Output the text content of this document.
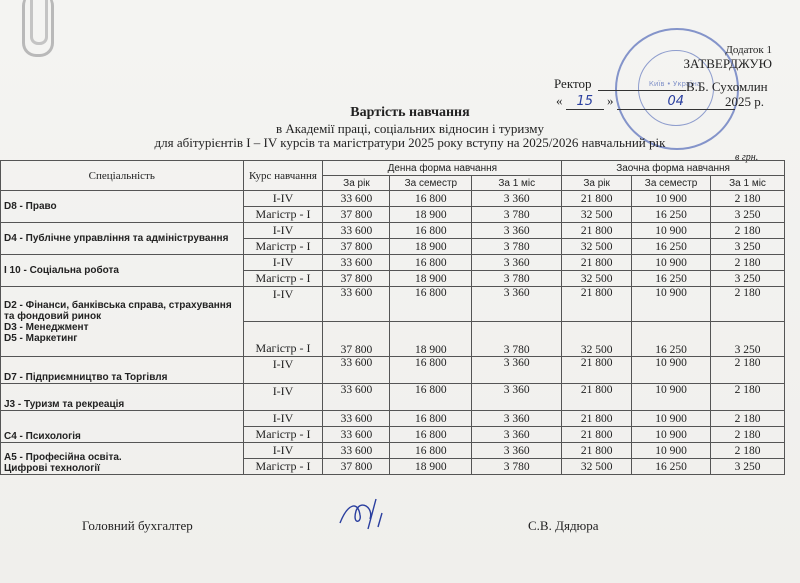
Київ • Україна
Додаток 1
ЗАТВЕРДЖУЮ
Ректор	В.Б. Сухомлин
« 15 »	04	2025 р.
Вартість навчання
в Академії праці, соціальних відносин і туризму
для абітурієнтів І – ІV курсів та магістратури 2025 року вступу на 2025/2026 навчальний рік
в грн.
Спеціальність	Курс навчання	Денна форма навчання			Заочна форма навчання		
		За рік	За семестр	За 1 міс	За рік	За семестр	За 1 міс
D8 - Право	I-IV	33 600	16 800	3 360	21 800	10 900	2 180
	Магістр - I	37 800	18 900	3 780	32 500	16 250	3 250
D4 - Публічне управління та адміністрування	I-IV	33 600	16 800	3 360	21 800	10 900	2 180
	Магістр - I	37 800	18 900	3 780	32 500	16 250	3 250
I 10 - Соціальна робота	I-IV	33 600	16 800	3 360	21 800	10 900	2 180
	Магістр - I	37 800	18 900	3 780	32 500	16 250	3 250
D2 - Фінанси, банківська справа, страхування та фондовий ринок
D3 - Менеджмент
D5 - Маркетинг	I-IV	33 600	16 800	3 360	21 800	10 900	2 180
	Магістр - I	37 800	18 900	3 780	32 500	16 250	3 250
D7 - Підприємництво та Торгівля	I-IV	33 600	16 800	3 360	21 800	10 900	2 180
J3 - Туризм та рекреація	I-IV	33 600	16 800	3 360	21 800	10 900	2 180
C4 - Психологія	I-IV	33 600	16 800	3 360	21 800	10 900	2 180
	Магістр - I	33 600	16 800	3 360	21 800	10 900	2 180
A5 - Професійна освіта.
Цифрові технології	I-IV	33 600	16 800	3 360	21 800	10 900	2 180
	Магістр - I	37 800	18 900	3 780	32 500	16 250	3 250
Головний бухгалтер	С.В. Дядюра
